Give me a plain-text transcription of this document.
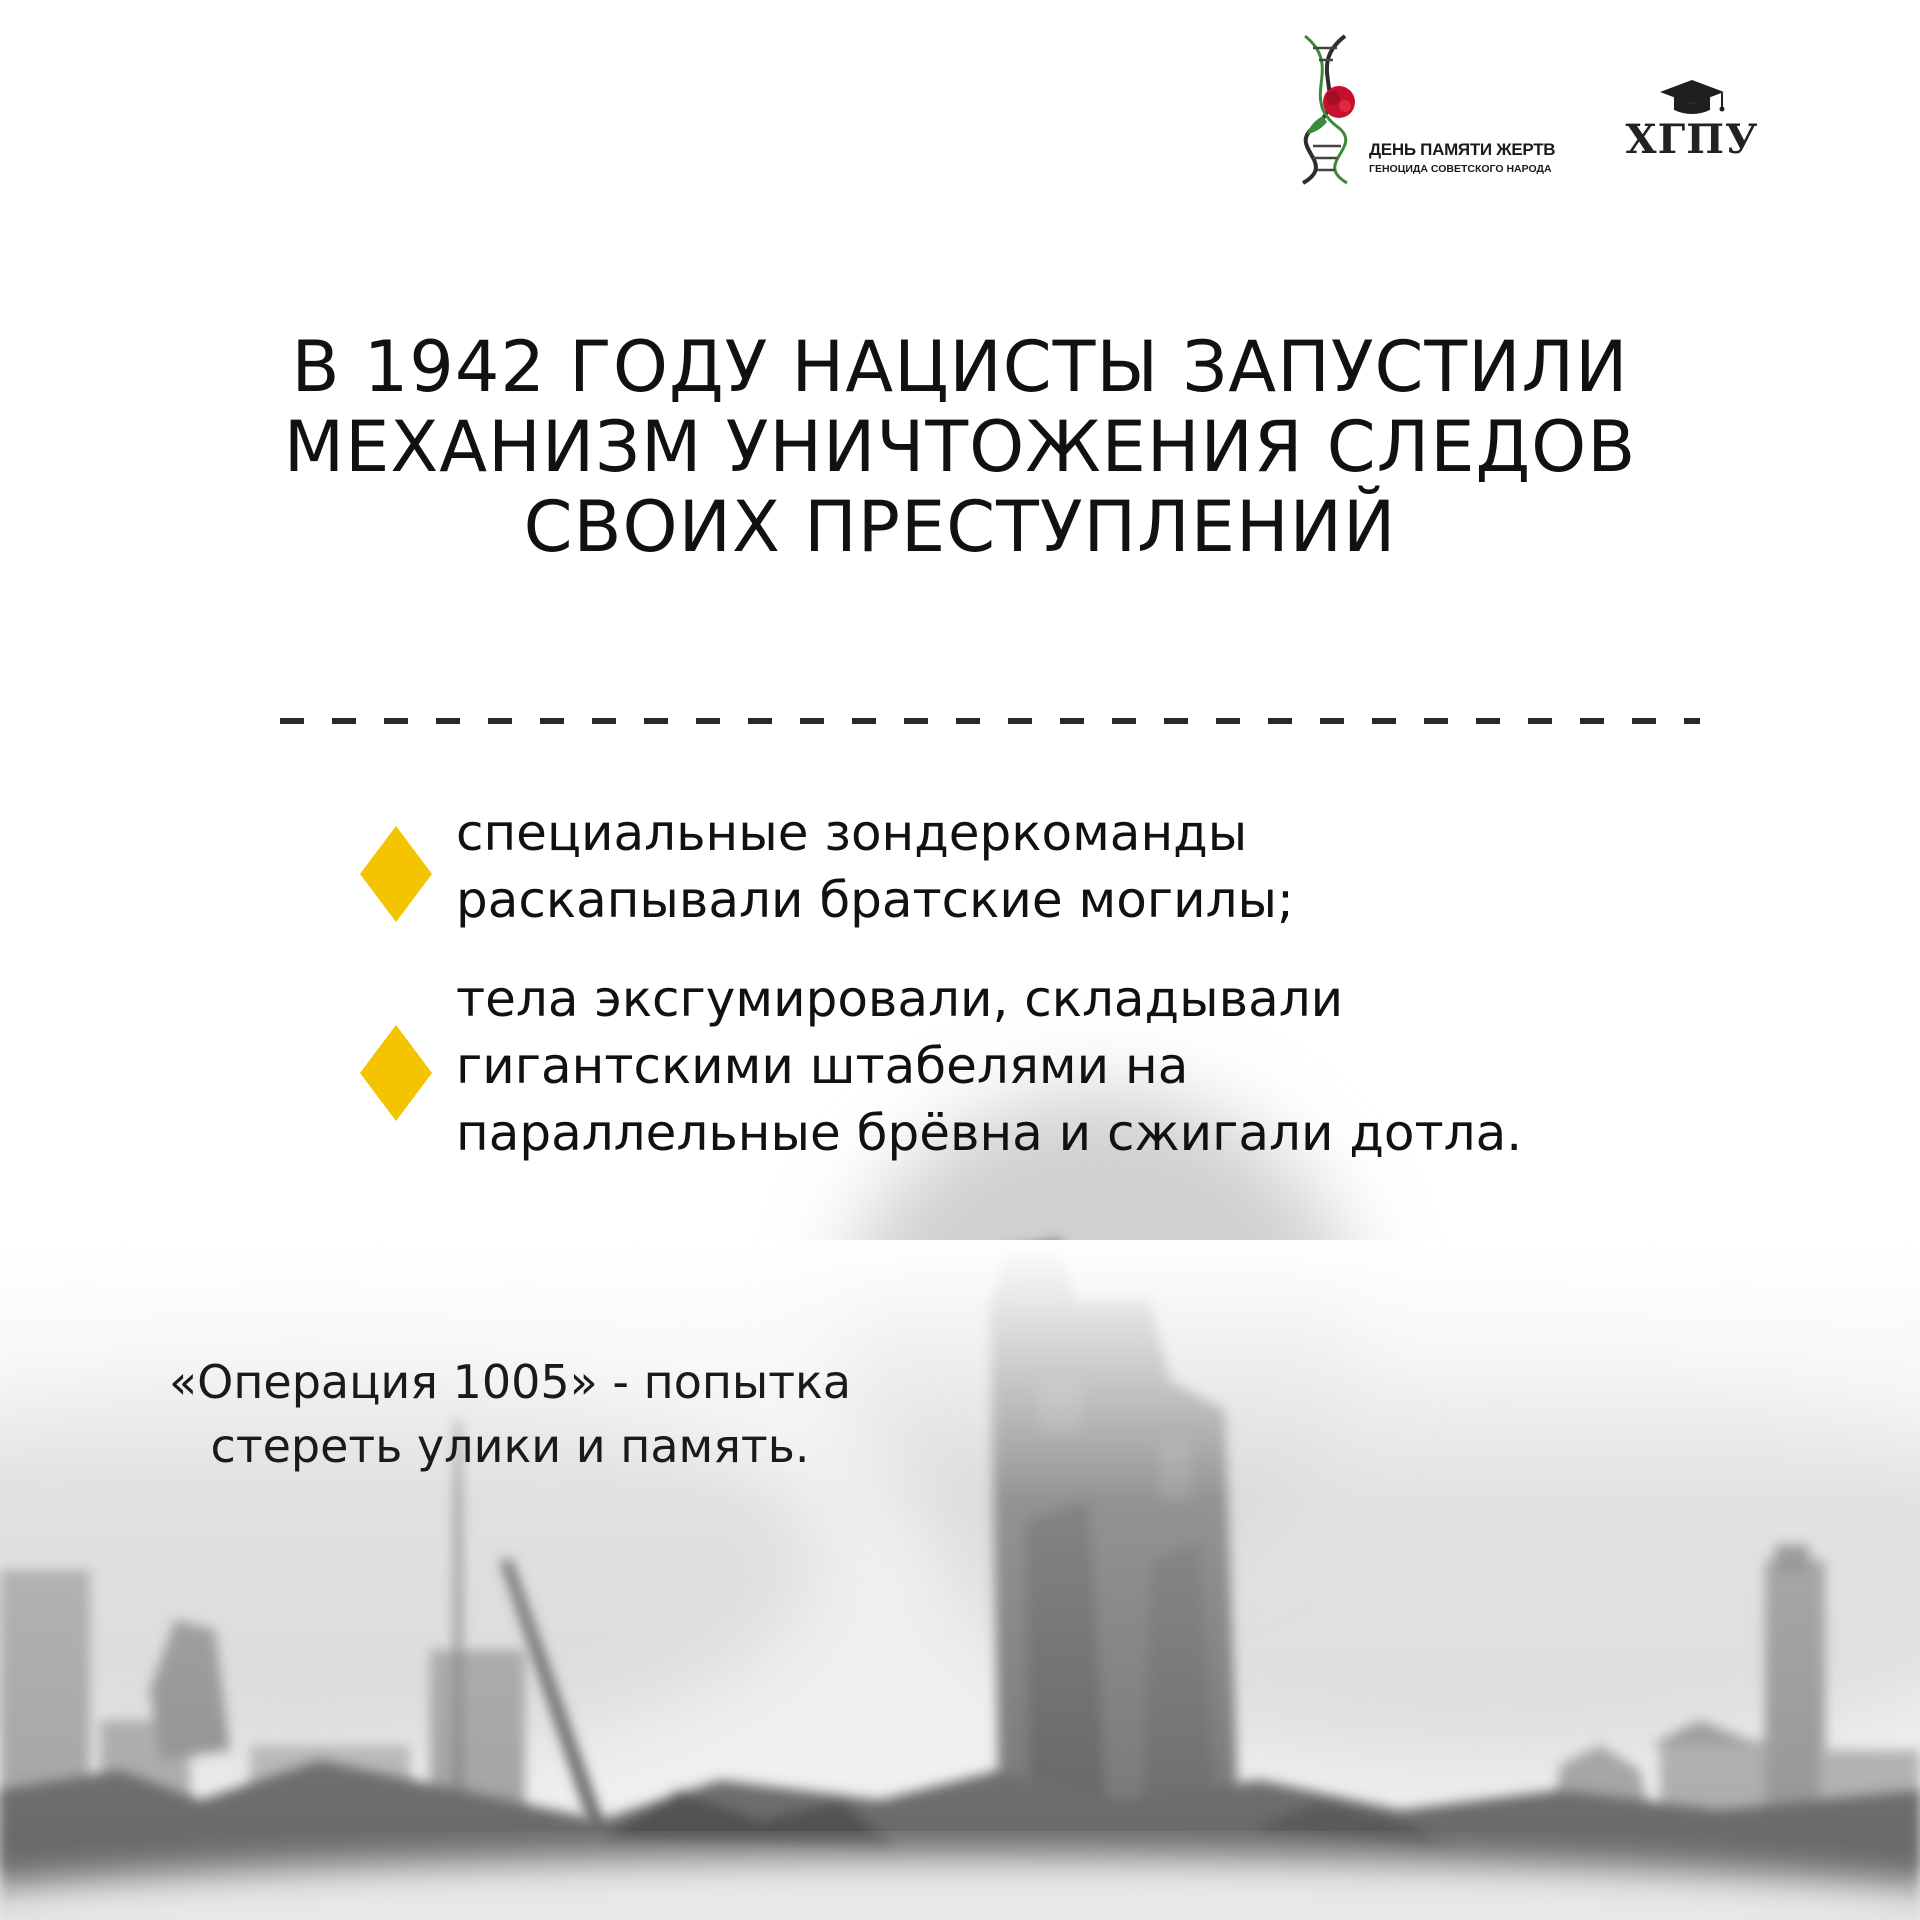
ДЕНЬ ПАМЯТИ ЖЕРТВ
ГЕНОЦИДА СОВЕТСКОГО НАРОДА
ХГПУ
В 1942 ГОДУ НАЦИСТЫ ЗАПУСТИЛИ
МЕХАНИЗМ УНИЧТОЖЕНИЯ СЛЕДОВ
СВОИХ ПРЕСТУПЛЕНИЙ

специальные зондеркоманды
раскапывали братские могилы;

тела эксгумировали, складывали
гигантскими штабелями на
параллельные брёвна и сжигали дотла.

«Операция 1005» - попытка
стереть улики и память.
